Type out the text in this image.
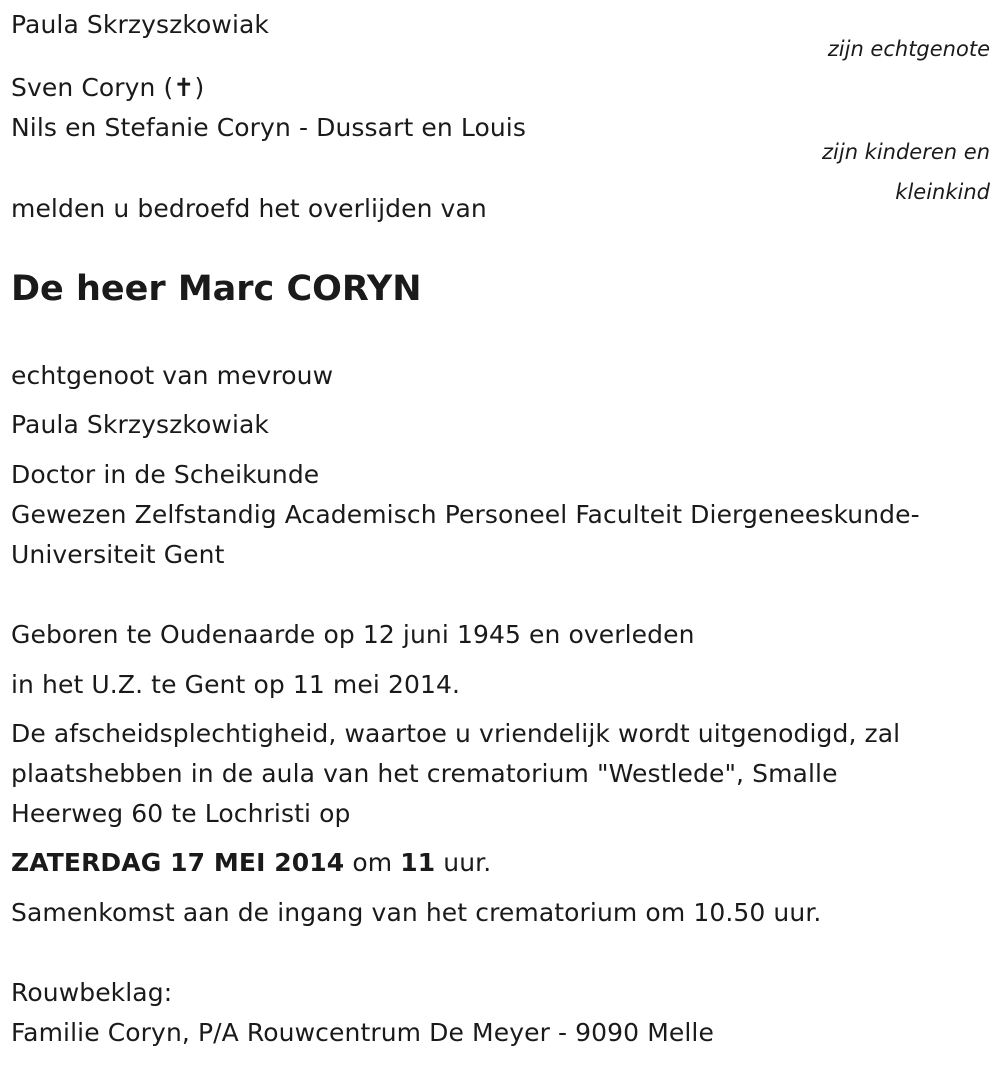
Paula Skrzyszkowiak
zijn echtgenote
Sven Coryn (✝)
Nils en Stefanie Coryn - Dussart en Louis
zijn kinderen en
kleinkind
melden u bedroefd het overlijden van
De heer Marc CORYN
echtgenoot van mevrouw
Paula Skrzyszkowiak
Doctor in de Scheikunde
Gewezen Zelfstandig Academisch Personeel Faculteit Diergeneeskunde-
Universiteit Gent
Geboren te Oudenaarde op 12 juni 1945 en overleden
in het U.Z. te Gent op 11 mei 2014.
De afscheidsplechtigheid, waartoe u vriendelijk wordt uitgenodigd, zal
plaatshebben in de aula van het crematorium "Westlede", Smalle
Heerweg 60 te Lochristi op
ZATERDAG 17 MEI 2014 om 11 uur.
Samenkomst aan de ingang van het crematorium om 10.50 uur.
Rouwbeklag:
Familie Coryn, P/A Rouwcentrum De Meyer - 9090 Melle
